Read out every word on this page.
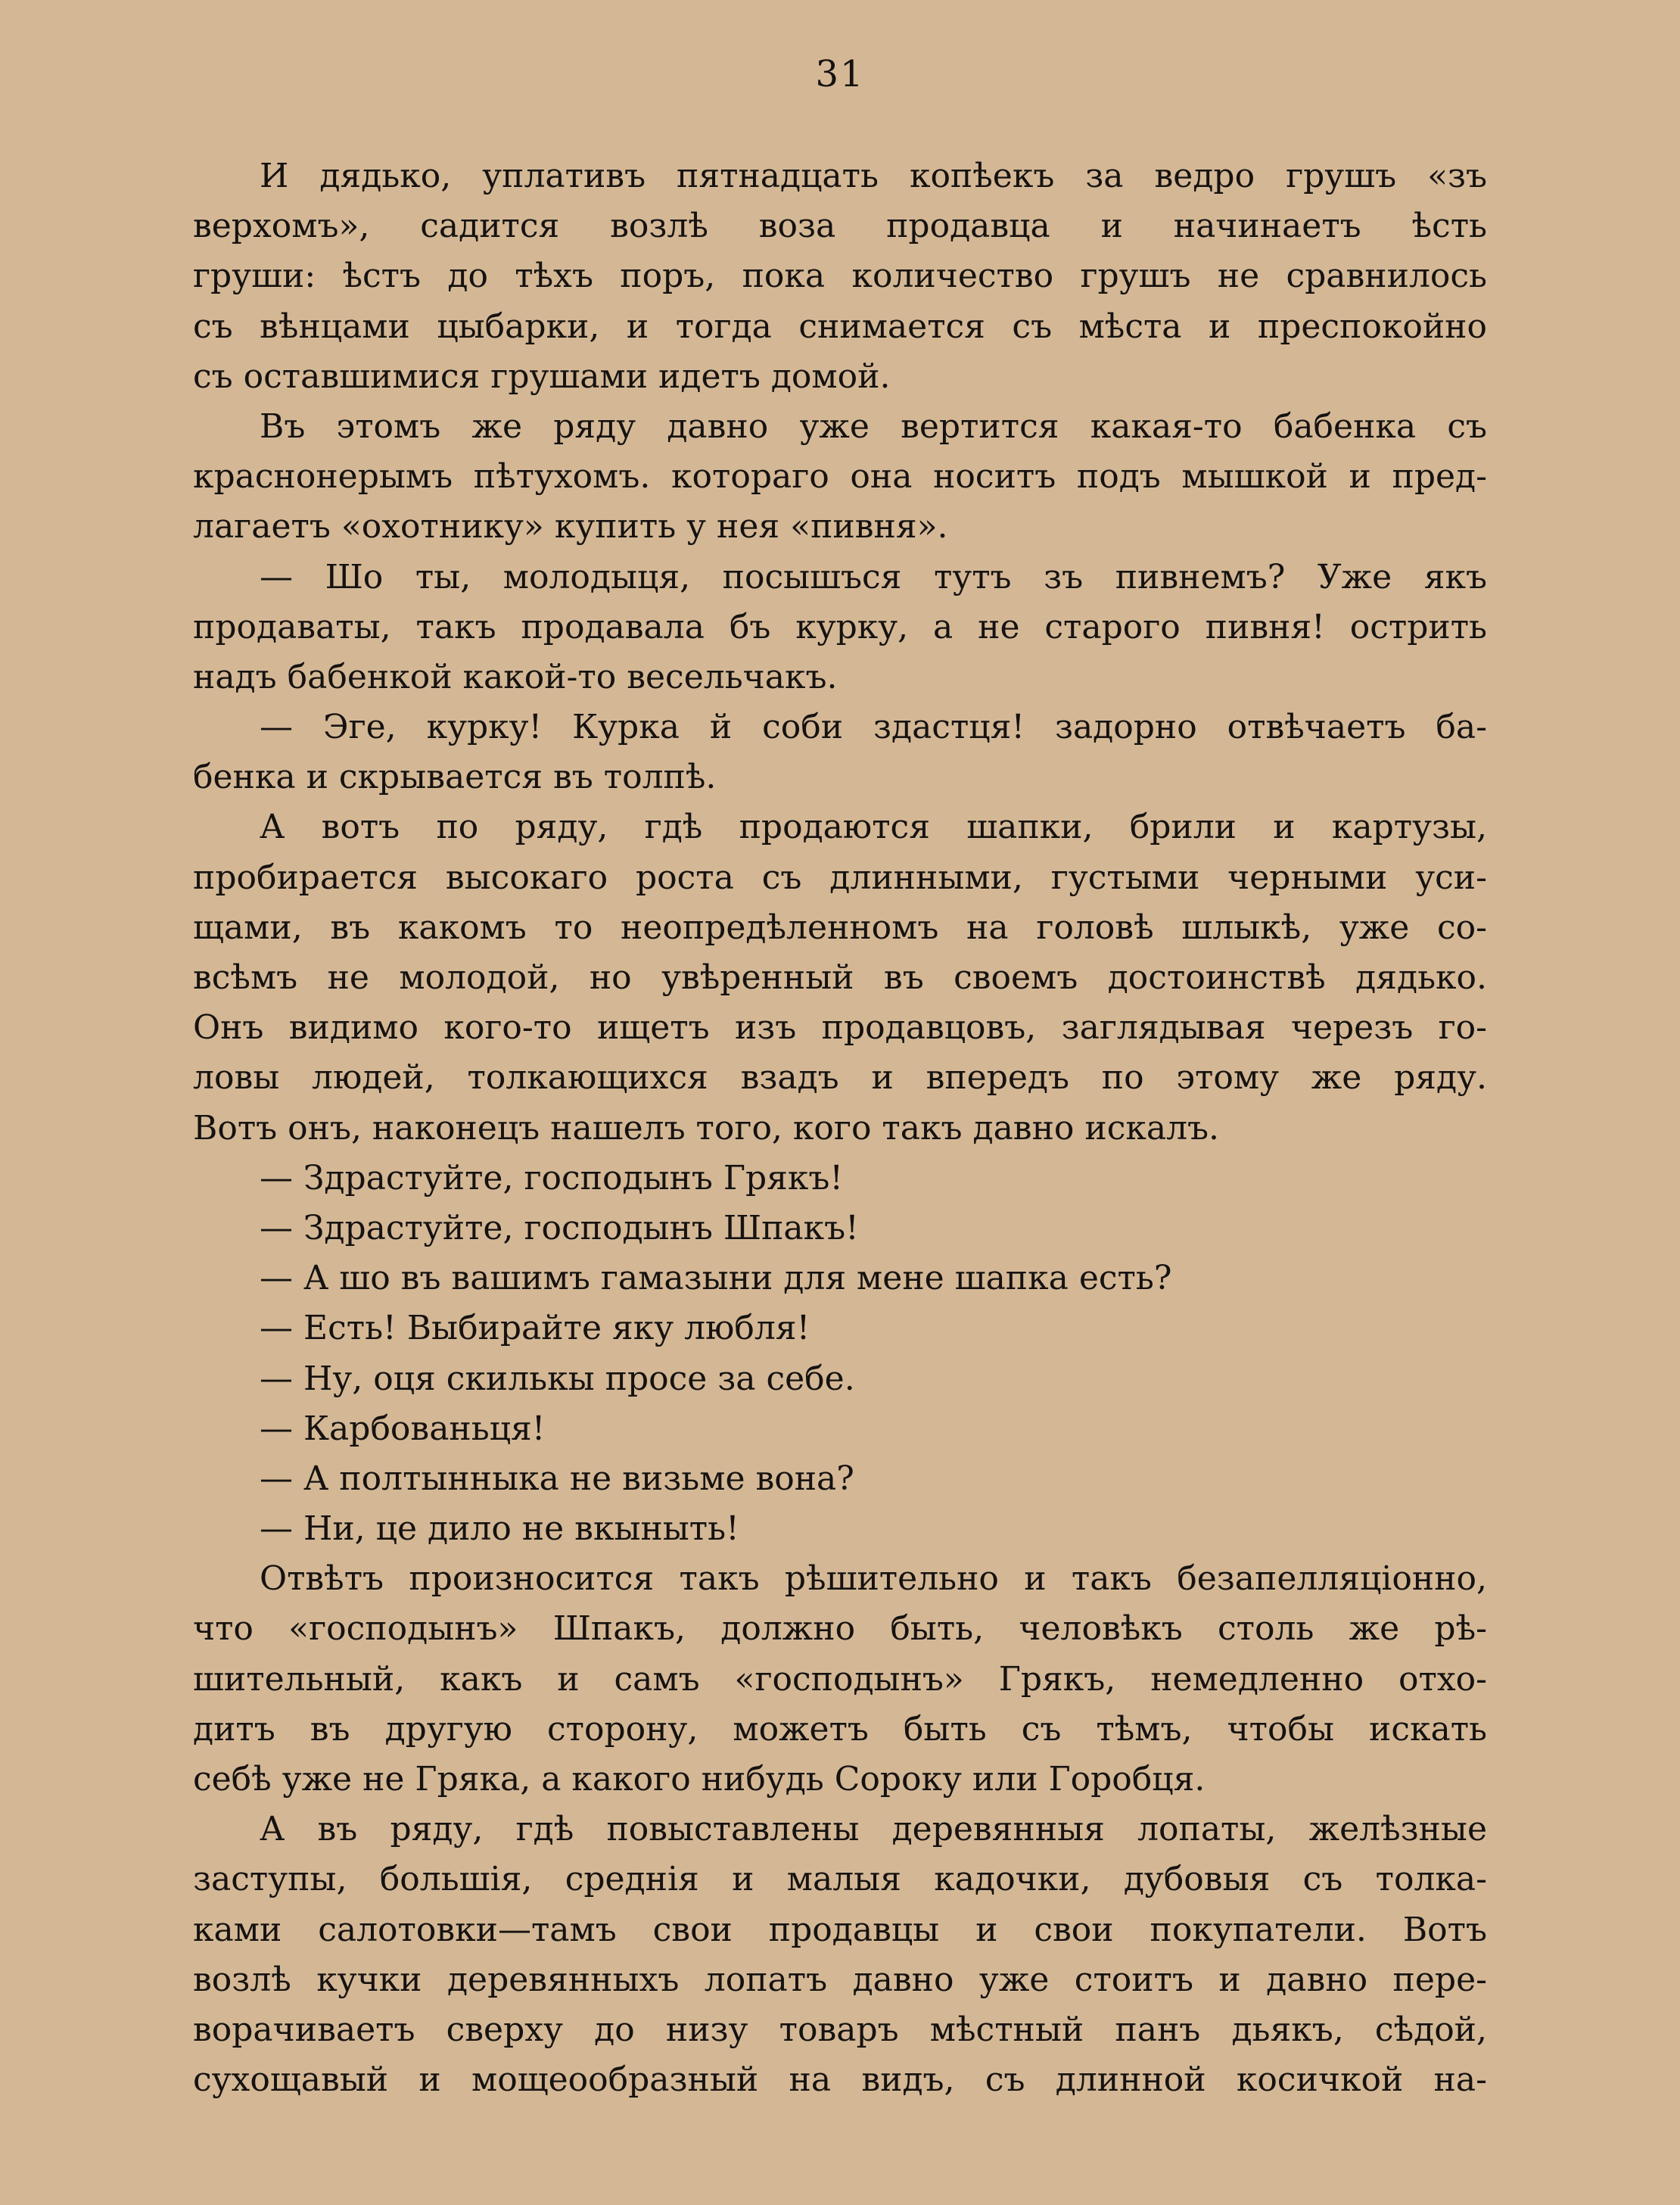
31
И дядько, уплативъ пятнадцать копѣекъ за ведро грушъ «зъ
верхомъ», садится возлѣ воза продавца и начинаетъ ѣсть
груши: ѣстъ до тѣхъ поръ, пока количество грушъ не сравнилось
съ вѣнцами цыбарки, и тогда снимается съ мѣста и преспокойно
съ оставшимися грушами идетъ домой.
Въ этомъ же ряду давно уже вертится какая-то бабенка съ
краснонерымъ пѣтухомъ. котораго она носитъ подъ мышкой и пред-
лагаетъ «охотнику» купить у нея «пивня».
— Шо ты, молодыця, посышъся тутъ зъ пивнемъ? Уже якъ
продаваты, такъ продавала бъ курку, а не старого пивня! острить
надъ бабенкой какой-то весельчакъ.
— Эге, курку! Курка й соби здастця! задорно отвѣчаетъ ба-
бенка и скрывается въ толпѣ.
А вотъ по ряду, гдѣ продаются шапки, брили и картузы,
пробирается высокаго роста съ длинными, густыми черными уси-
щами, въ какомъ то неопредѣленномъ на головѣ шлыкѣ, уже со-
всѣмъ не молодой, но увѣренный въ своемъ достоинствѣ дядько.
Онъ видимо кого-то ищетъ изъ продавцовъ, заглядывая черезъ го-
ловы людей, толкающихся взадъ и впередъ по этому же ряду.
Вотъ онъ, наконецъ нашелъ того, кого такъ давно искалъ.
— Здрастуйте, господынъ Грякъ!
— Здрастуйте, господынъ Шпакъ!
— А шо въ вашимъ гамазыни для мене шапка есть?
— Есть! Выбирайте яку любля!
— Ну, оця скилькы просе за себе.
— Карбованьця!
— А полтынныка не визьме вона?
— Ни, це дило не вкыныть!
Отвѣтъ произносится такъ рѣшительно и такъ безапелляціонно,
что «господынъ» Шпакъ, должно быть, человѣкъ столь же рѣ-
шительный, какъ и самъ «господынъ» Грякъ, немедленно отхо-
дитъ въ другую сторону, можетъ быть съ тѣмъ, чтобы искать
себѣ уже не Гряка, а какого нибудь Сороку или Горобця.
А въ ряду, гдѣ повыставлены деревянныя лопаты, желѣзные
заступы, большія, среднія и малыя кадочки, дубовыя съ толка-
ками салотовки—тамъ свои продавцы и свои покупатели. Вотъ
возлѣ кучки деревянныхъ лопатъ давно уже стоитъ и давно пере-
ворачиваетъ сверху до низу товаръ мѣстный панъ дьякъ, сѣдой,
сухощавый и мощеообразный на видъ, съ длинной косичкой на-
